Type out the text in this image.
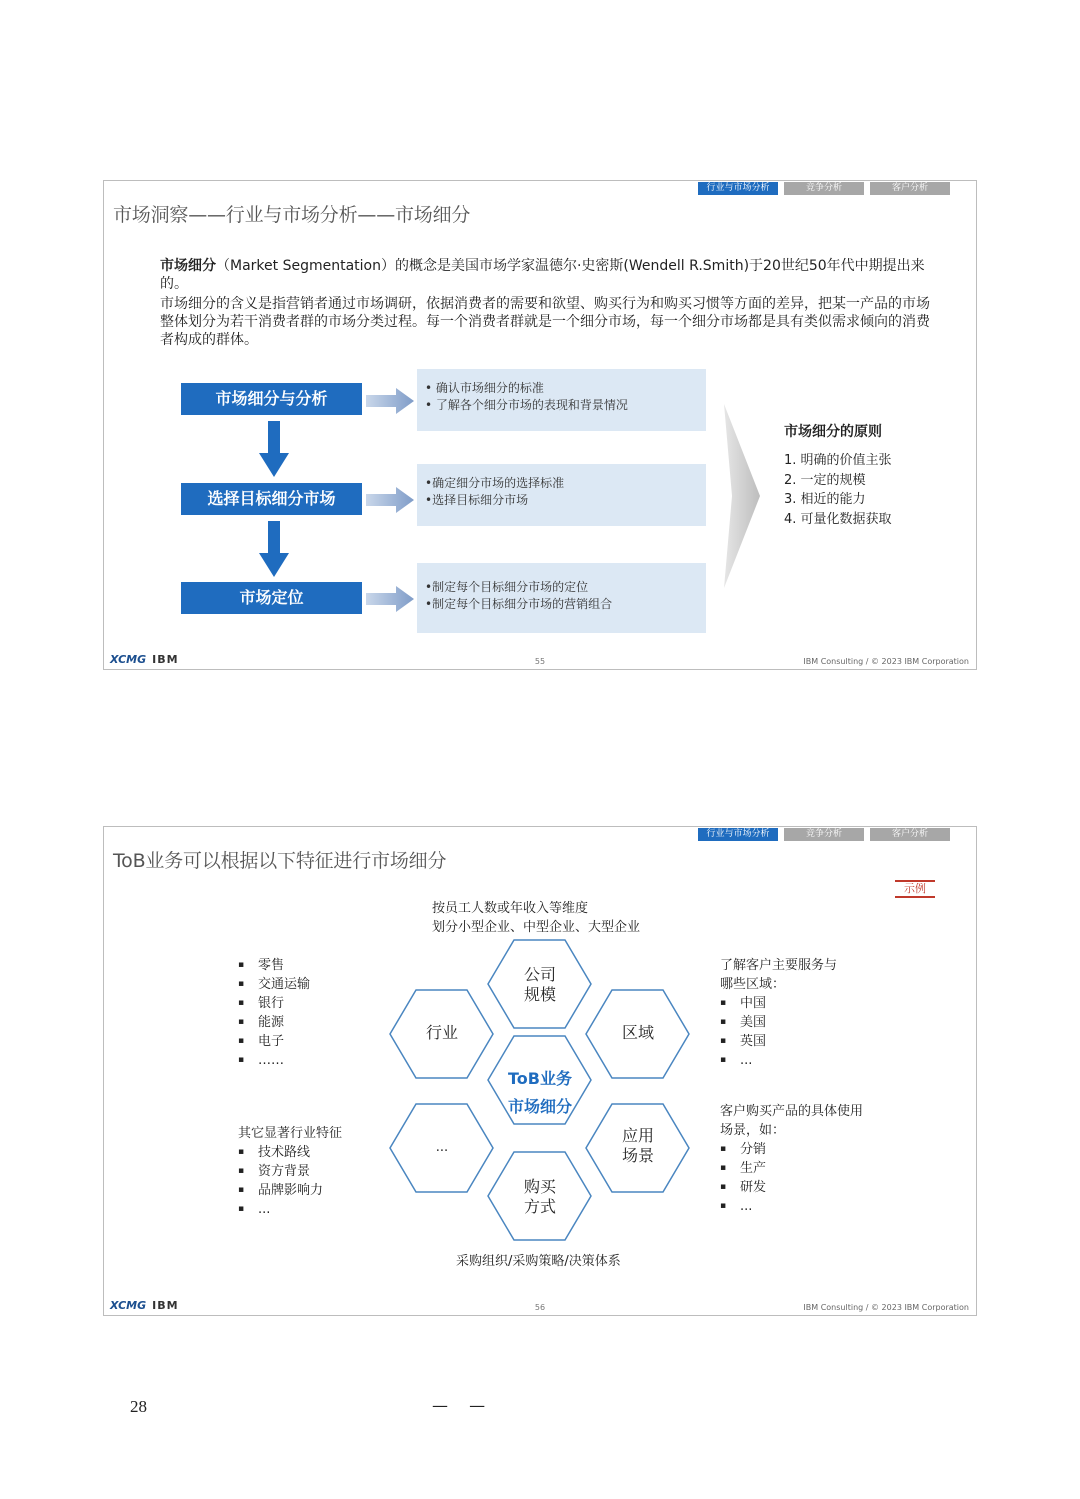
行业与市场分析	竞争分析	客户分析
市场洞察——行业与市场分析——市场细分

市场细分（Market Segmentation）的概念是美国市场学家温德尔·史密斯(Wendell R.Smith)于20世纪50年代中期提出来的。

市场细分的含义是指营销者通过市场调研，依据消费者的需要和欲望、购买行为和购买习惯等方面的差异，把某一产品的市场整体划分为若干消费者群的市场分类过程。每一个消费者群就是一个细分市场，每一个细分市场都是具有类似需求倾向的消费者构成的群体。

市场细分与分析
选择目标细分市场
市场定位
• 确认市场细分的标准
• 了解各个细分市场的表现和背景情况
•确定细分市场的选择标准
•选择目标细分市场
•制定每个目标细分市场的定位
•制定每个目标细分市场的营销组合
市场细分的原则
1. 明确的价值主张
2. 一定的规模
3. 相近的能力
4. 可量化数据获取
XCMG IBM	55	IBM Consulting / © 2023 IBM Corporation
行业与市场分析	竞争分析	客户分析
ToB业务可以根据以下特征进行市场细分
示例
按员工人数或年收入等维度
划分小型企业、中型企业、大型企业
ToB业务
市场细分
公司
规模
行业	区域
...
应用
场景
购买
方式
▪ 零售
▪ 交通运输
▪ 银行
▪ 能源
▪ 电子
▪ ……
其它显著行业特征
▪ 技术路线
▪ 资方背景
▪ 品牌影响力
▪ ...
了解客户主要服务与
哪些区域：
▪ 中国
▪ 美国
▪ 英国
▪ ...
客户购买产品的具体使用
场景，如：
▪ 分销
▪ 生产
▪ 研发
▪ ...
采购组织/采购策略/决策体系
XCMG IBM	56	IBM Consulting / © 2023 IBM Corporation
28	— —
